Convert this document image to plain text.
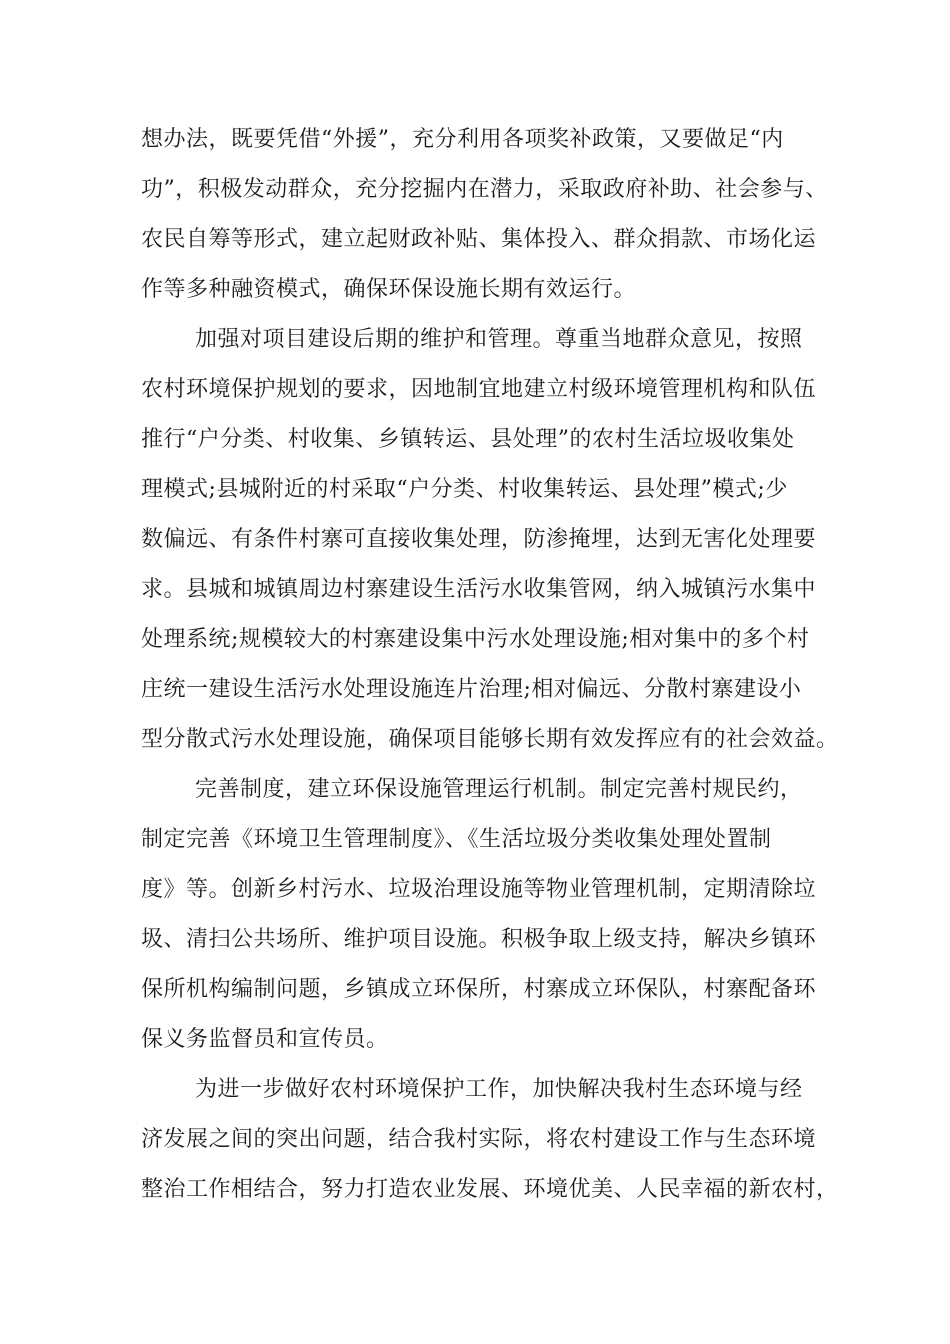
想办法，既要凭借“外援”，充分利用各项奖补政策，又要做足“内
功”，积极发动群众，充分挖掘内在潜力，采取政府补助、社会参与、
农民自筹等形式，建立起财政补贴、集体投入、群众捐款、市场化运
作等多种融资模式，确保环保设施长期有效运行。
加强对项目建设后期的维护和管理。尊重当地群众意见，按照
农村环境保护规划的要求，因地制宜地建立村级环境管理机构和队伍
推行“户分类、村收集、乡镇转运、县处理”的农村生活垃圾收集处
理模式;县城附近的村采取“户分类、村收集转运、县处理”模式;少
数偏远、有条件村寨可直接收集处理，防渗掩埋，达到无害化处理要
求。县城和城镇周边村寨建设生活污水收集管网，纳入城镇污水集中
处理系统;规模较大的村寨建设集中污水处理设施;相对集中的多个村
庄统一建设生活污水处理设施连片治理;相对偏远、分散村寨建设小
型分散式污水处理设施，确保项目能够长期有效发挥应有的社会效益。
完善制度，建立环保设施管理运行机制。制定完善村规民约，
制定完善《环境卫生管理制度》、《生活垃圾分类收集处理处置制
度》等。创新乡村污水、垃圾治理设施等物业管理机制，定期清除垃
圾、清扫公共场所、维护项目设施。积极争取上级支持，解决乡镇环
保所机构编制问题，乡镇成立环保所，村寨成立环保队，村寨配备环
保义务监督员和宣传员。
为进一步做好农村环境保护工作，加快解决我村生态环境与经
济发展之间的突出问题，结合我村实际，将农村建设工作与生态环境
整治工作相结合，努力打造农业发展、环境优美、人民幸福的新农村，
